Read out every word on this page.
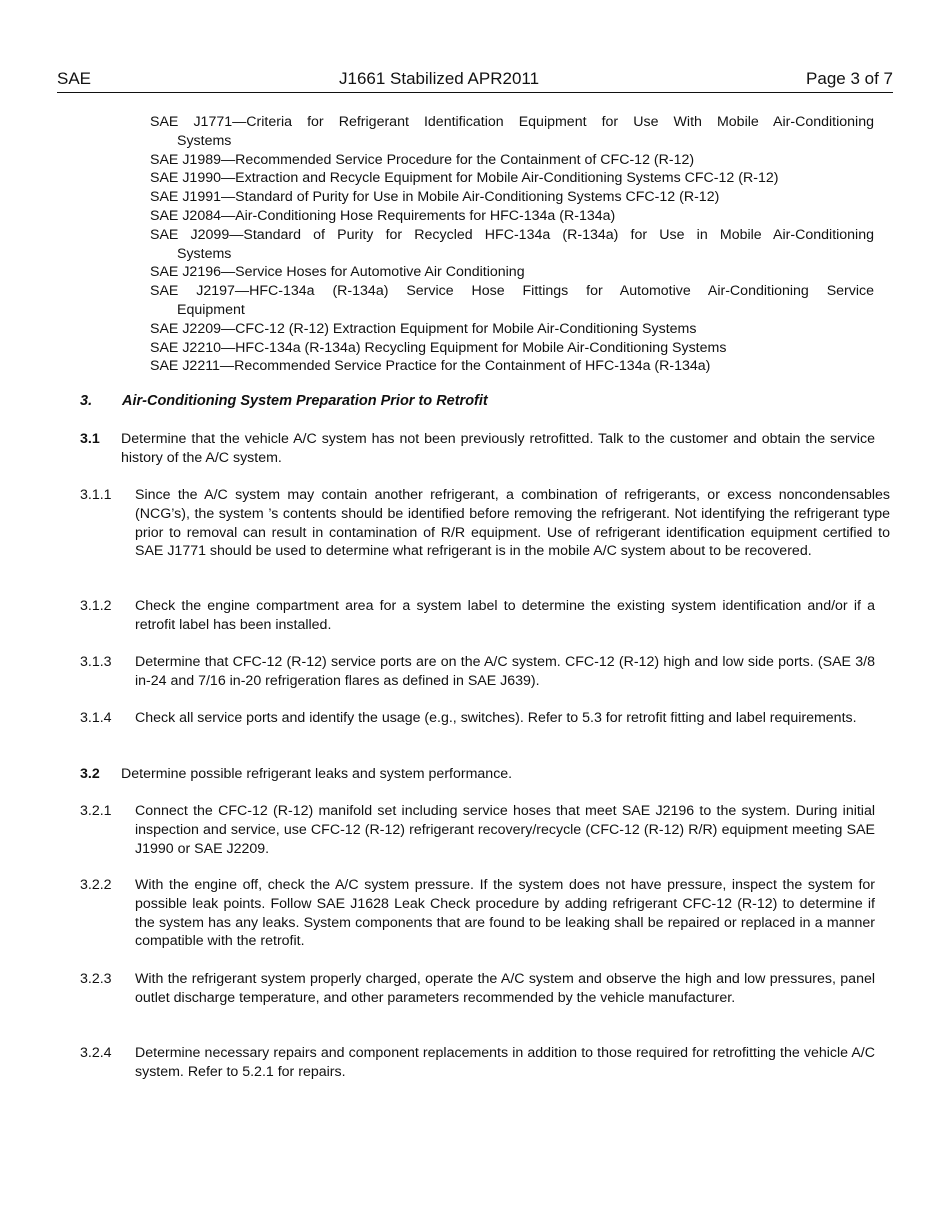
SAE	J1661 Stabilized APR2011	Page 3 of 7
SAE J1771—Criteria for Refrigerant Identification Equipment for Use With Mobile Air-Conditioning
Systems
SAE J1989—Recommended Service Procedure for the Containment of CFC-12 (R-12)
SAE J1990—Extraction and Recycle Equipment for Mobile Air-Conditioning Systems CFC-12 (R-12)
SAE J1991—Standard of Purity for Use in Mobile Air-Conditioning Systems CFC-12 (R-12)
SAE J2084—Air-Conditioning Hose Requirements for HFC-134a (R-134a)
SAE J2099—Standard of Purity for Recycled HFC-134a (R-134a) for Use in Mobile Air-Conditioning
Systems
SAE J2196—Service Hoses for Automotive Air Conditioning
SAE J2197—HFC-134a (R-134a) Service Hose Fittings for Automotive Air-Conditioning Service
Equipment
SAE J2209—CFC-12 (R-12) Extraction Equipment for Mobile Air-Conditioning Systems
SAE J2210—HFC-134a (R-134a) Recycling Equipment for Mobile Air-Conditioning Systems
SAE J2211—Recommended Service Practice for the Containment of HFC-134a (R-134a)
3. Air-Conditioning System Preparation Prior to Retrofit
3.1	Determine that the vehicle A/C system has not been previously retrofitted. Talk to the customer and obtain the service history of the A/C system.
3.1.1	Since the A/C system may contain another refrigerant, a combination of refrigerants, or excess noncondensables (NCG’s), the system ’s contents should be identified before removing the refrigerant. Not identifying the refrigerant type prior to removal can result in contamination of R/R equipment. Use of refrigerant identification equipment certified to SAE J1771 should be used to determine what refrigerant is in the mobile A/C system about to be recovered.
3.1.2	Check the engine compartment area for a system label to determine the existing system identification and/or if a retrofit label has been installed.
3.1.3	Determine that CFC-12 (R-12) service ports are on the A/C system. CFC-12 (R-12) high and low side ports. (SAE 3/8 in-24 and 7/16 in-20 refrigeration flares as defined in SAE J639).
3.1.4	Check all service ports and identify the usage (e.g., switches). Refer to 5.3 for retrofit fitting and label requirements.
3.2	Determine possible refrigerant leaks and system performance.
3.2.1	Connect the CFC-12 (R-12) manifold set including service hoses that meet SAE J2196 to the system. During initial inspection and service, use CFC-12 (R-12) refrigerant recovery/recycle (CFC-12 (R-12) R/R) equipment meeting SAE J1990 or SAE J2209.
3.2.2	With the engine off, check the A/C system pressure. If the system does not have pressure, inspect the system for possible leak points. Follow SAE J1628 Leak Check procedure by adding refrigerant CFC-12 (R-12) to determine if the system has any leaks. System components that are found to be leaking shall be repaired or replaced in a manner compatible with the retrofit.
3.2.3	With the refrigerant system properly charged, operate the A/C system and observe the high and low pressures, panel outlet discharge temperature, and other parameters recommended by the vehicle manufacturer.
3.2.4	Determine necessary repairs and component replacements in addition to those required for retrofitting the vehicle A/C system. Refer to 5.2.1 for repairs.
